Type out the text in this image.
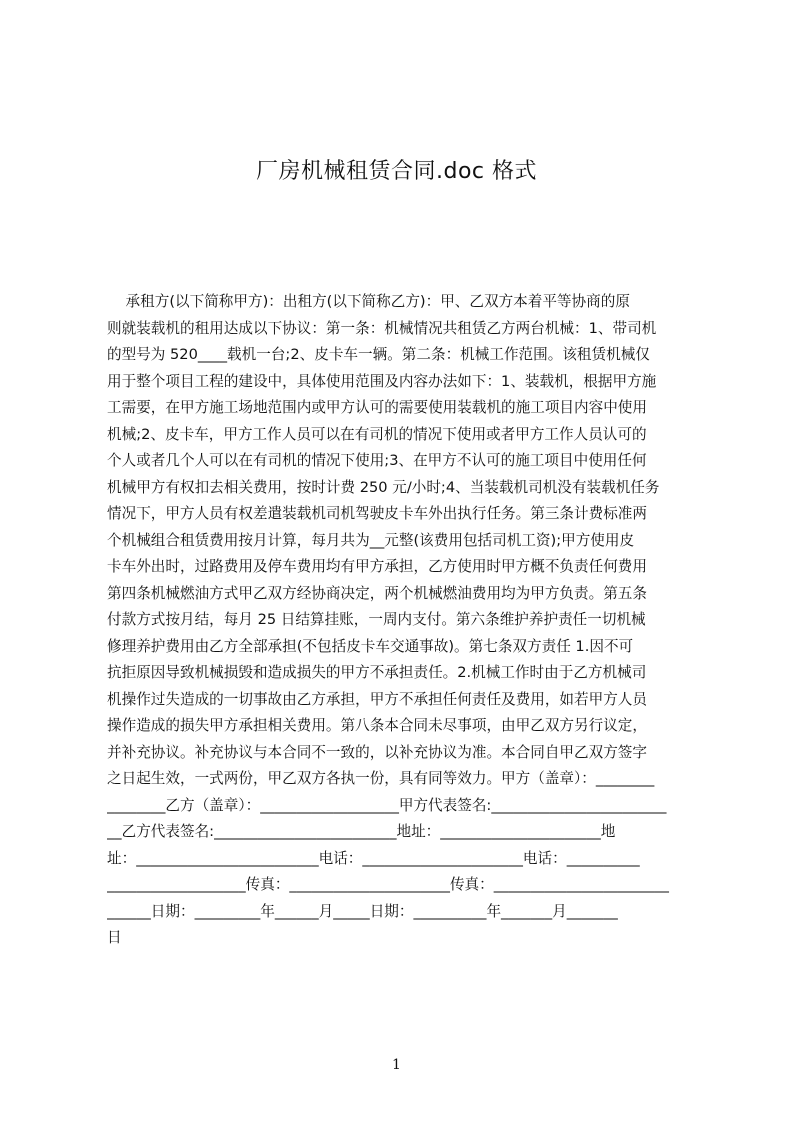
厂房机械租赁合同.doc 格式
承租方(以下简称甲方)：出租方(以下简称乙方)：甲、乙双方本着平等协商的原
则就装载机的租用达成以下协议：第一条：机械情况共租赁乙方两台机械：1、带司机
的型号为 520____载机一台;2、皮卡车一辆。第二条：机械工作范围。该租赁机械仅
用于整个项目工程的建设中，具体使用范围及内容办法如下：1、装载机，根据甲方施
工需要，在甲方施工场地范围内或甲方认可的需要使用装载机的施工项目内容中使用
机械;2、皮卡车，甲方工作人员可以在有司机的情况下使用或者甲方工作人员认可的
个人或者几个人可以在有司机的情况下使用;3、在甲方不认可的施工项目中使用任何
机械甲方有权扣去相关费用，按时计费 250 元/小时;4、当装载机司机没有装载机任务
情况下，甲方人员有权差遣装载机司机驾驶皮卡车外出执行任务。第三条计费标准两
个机械组合租赁费用按月计算，每月共为__元整(该费用包括司机工资);甲方使用皮
卡车外出时，过路费用及停车费用均有甲方承担，乙方使用时甲方概不负责任何费用
第四条机械燃油方式甲乙双方经协商决定，两个机械燃油费用均为甲方负责。第五条
付款方式按月结，每月 25 日结算挂账，一周内支付。第六条维护养护责任一切机械
修理养护费用由乙方全部承担(不包括皮卡车交通事故)。第七条双方责任 1.因不可
抗拒原因导致机械损毁和造成损失的甲方不承担责任。2.机械工作时由于乙方机械司
机操作过失造成的一切事故由乙方承担，甲方不承担任何责任及费用，如若甲方人员
操作造成的损失甲方承担相关费用。第八条本合同未尽事项，由甲乙双方另行议定，
并补充协议。补充协议与本合同不一致的，以补充协议为准。本合同自甲乙双方签字
之日起生效，一式两份，甲乙双方各执一份，具有同等效力。甲方（盖章）：________
________乙方（盖章）：___________________甲方代表签名:________________________
__乙方代表签名:_________________________地址：______________________地
址：_________________________电话：______________________电话：__________
___________________传真：______________________传真：________________________
______日期：_________年______月_____日期：__________年_______月_______
日
1
